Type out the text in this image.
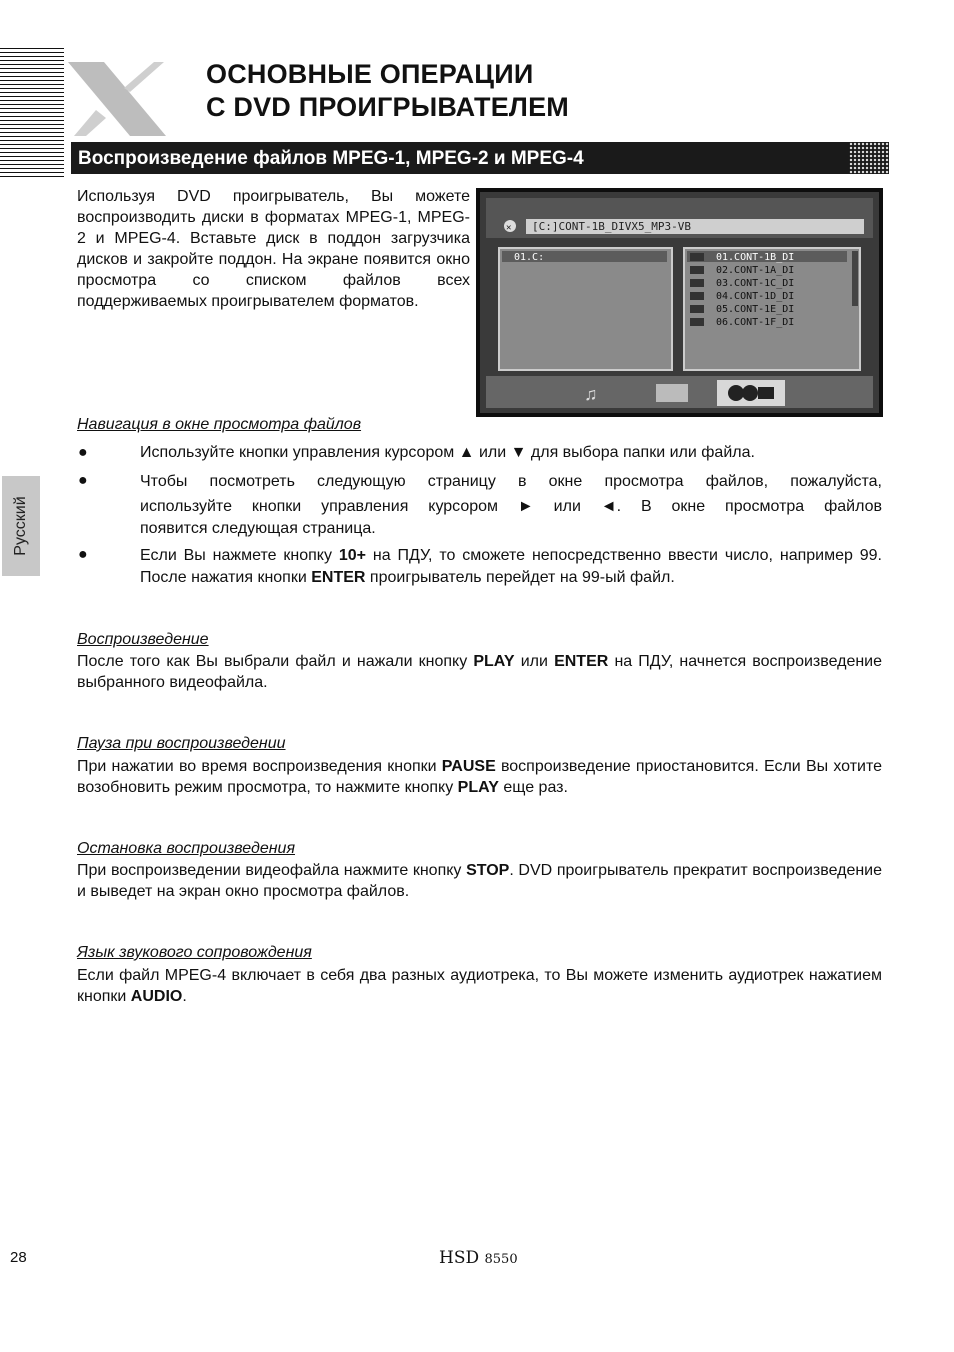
ОСНОВНЫЕ ОПЕРАЦИИ
С DVD ПРОИГРЫВАТЕЛЕМ
Воспроизведение файлов MPEG-1, MPEG-2 и MPEG-4
Используя DVD проигрыватель, Вы можете воспроизводить диски в форматах MPEG-1, MPEG-2 и MPEG-4. Вставьте диск в поддон загрузчика дисков и закройте поддон. На экране появится окно просмотра со списком файлов всех поддерживаемых проигрывателем форматов.
✕ [C:]CONT-1B_DIVX5_MP3-VB
01.C:	01.CONT-1B_DI
02.CONT-1A_DI
03.CONT-1C_DI
04.CONT-1D_DI
05.CONT-1E_DI
06.CONT-1F_DI
♫
Навигация в окне просмотра файлов
●	Используйте кнопки управления курсором ▲ или ▼ для выбора папки или файла.
●	Чтобы посмотреть следующую страницу в окне просмотра файлов, пожалуйста,
используйте кнопки управления курсором ► или ◄. В окне просмотра файлов
появится следующая страница.
●	Если Вы нажмете кнопку 10+ на ПДУ, то сможете непосредственно ввести число, например 99. После нажатия кнопки ENTER проигрыватель перейдет на 99-ый файл.
Воспроизведение
После того как Вы выбрали файл и нажали кнопку PLAY или ENTER на ПДУ, начнется воспроизведение выбранного видеофайла.
Пауза при воспроизведении
При нажатии во время воспроизведения кнопки PAUSE воспроизведение приостановится. Если Вы хотите возобновить режим просмотра, то нажмите кнопку PLAY еще раз.
Остановка воспроизведения
При воспроизведении видеофайла нажмите кнопку STOP. DVD проигрыватель прекратит воспроизведение и выведет на экран окно просмотра файлов.
Язык звукового сопровождения
Если файл MPEG-4 включает в себя два разных аудиотрека, то Вы можете изменить аудиотрек нажатием кнопки AUDIO.
Русский
28	HSD 8550
